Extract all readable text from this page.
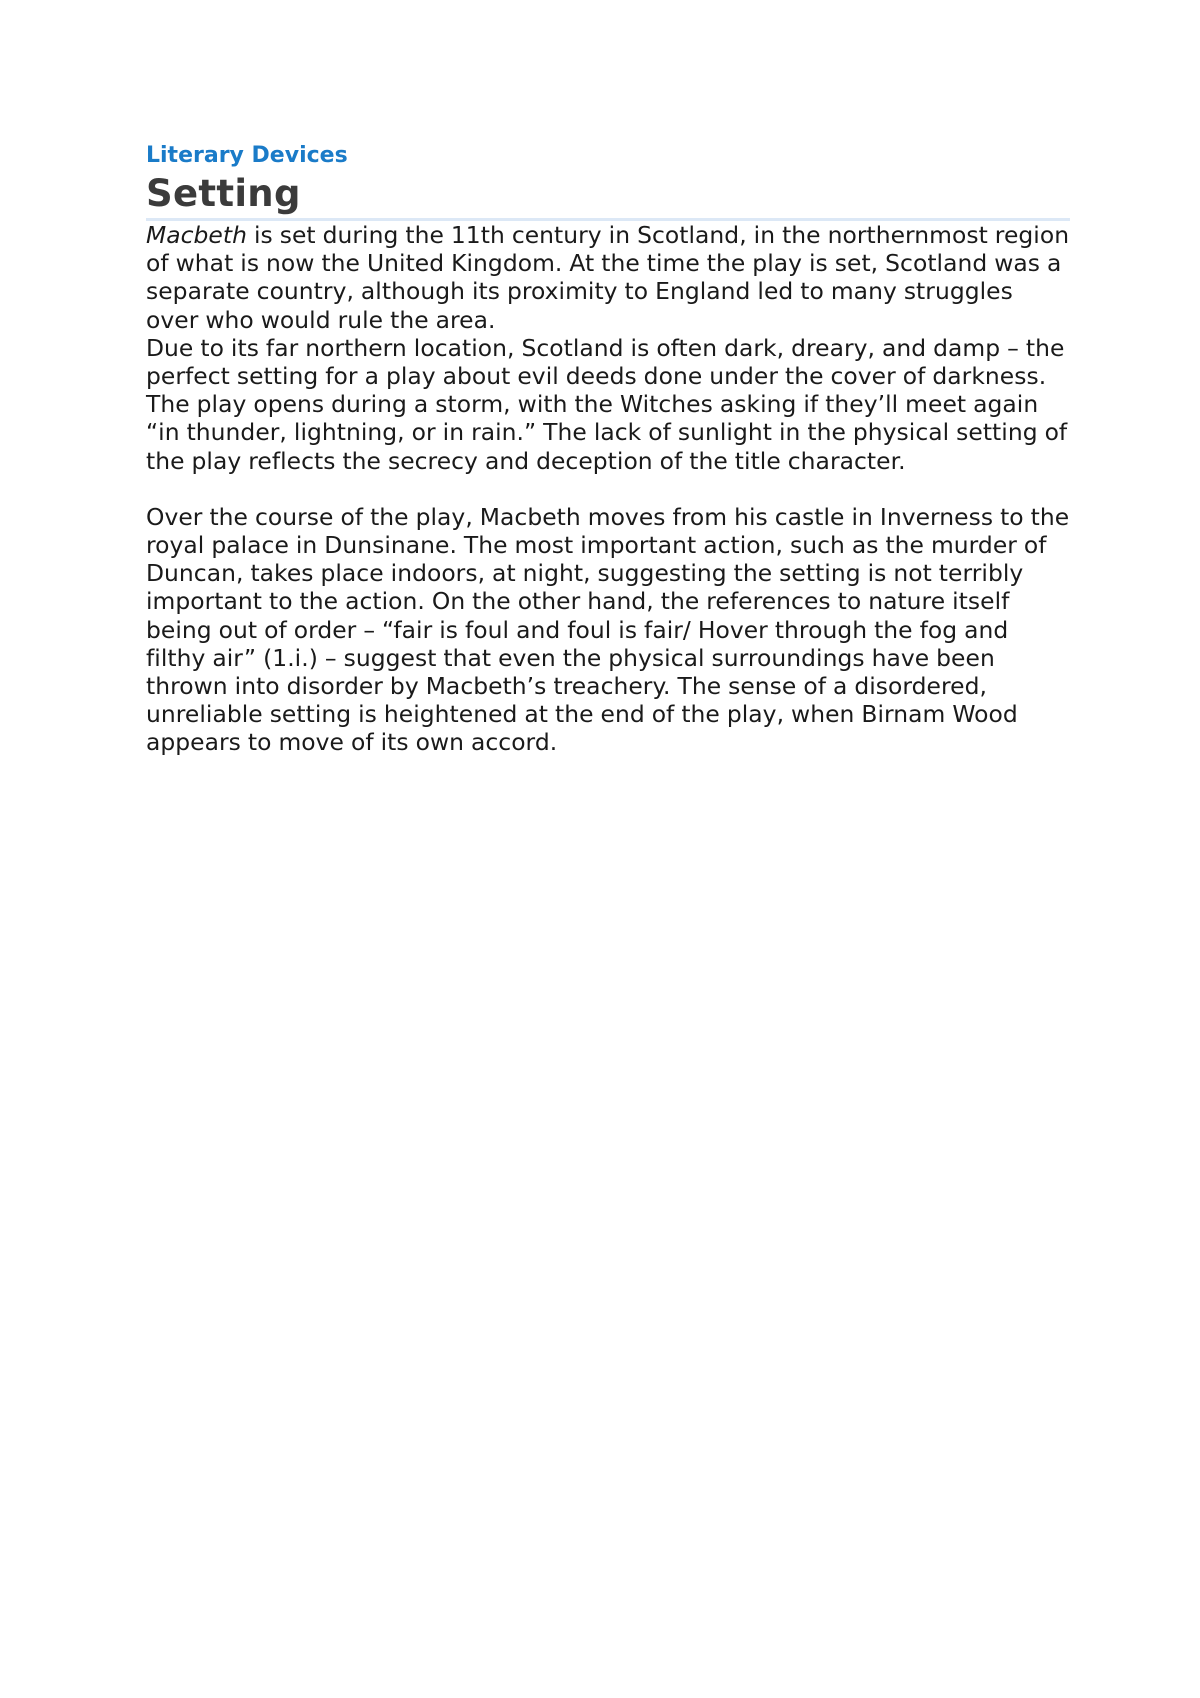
Literary Devices

Setting

Macbeth is set during the 11th century in Scotland, in the northernmost region of what is now the United Kingdom. At the time the play is set, Scotland was a separate country, although its proximity to England led to many struggles over who would rule the area.

Due to its far northern location, Scotland is often dark, dreary, and damp – the perfect setting for a play about evil deeds done under the cover of darkness. The play opens during a storm, with the Witches asking if they’ll meet again “in thunder, lightning, or in rain.” The lack of sunlight in the physical setting of the play reflects the secrecy and deception of the title character.

Over the course of the play, Macbeth moves from his castle in Inverness to the royal palace in Dunsinane. The most important action, such as the murder of Duncan, takes place indoors, at night, suggesting the setting is not terribly important to the action. On the other hand, the references to nature itself being out of order – “fair is foul and foul is fair/ Hover through the fog and filthy air” (1.i.) – suggest that even the physical surroundings have been thrown into disorder by Macbeth’s treachery. The sense of a disordered, unreliable setting is heightened at the end of the play, when Birnam Wood appears to move of its own accord.
